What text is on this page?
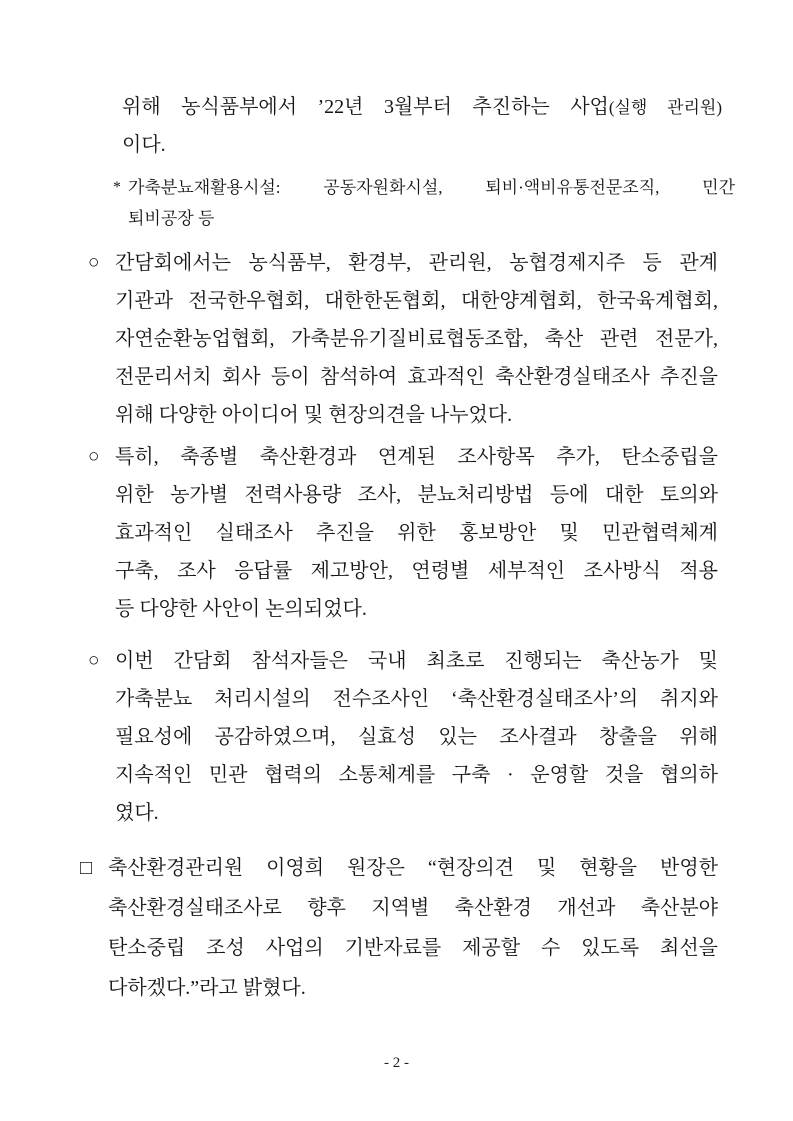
위해 농식품부에서 ’22년 3월부터 추진하는 사업(실행 관리원)
이다.
* 가축분뇨재활용시설: 공동자원화시설, 퇴비·액비유통전문조직, 민간
퇴비공장 등
○ 간담회에서는 농식품부, 환경부, 관리원, 농협경제지주 등 관계
기관과 전국한우협회, 대한한돈협회, 대한양계협회, 한국육계협회,
자연순환농업협회, 가축분유기질비료협동조합, 축산 관련 전문가,
전문리서치 회사 등이 참석하여 효과적인 축산환경실태조사 추진을
위해 다양한 아이디어 및 현장의견을 나누었다.
○ 특히, 축종별 축산환경과 연계된 조사항목 추가, 탄소중립을
위한 농가별 전력사용량 조사, 분뇨처리방법 등에 대한 토의와
효과적인 실태조사 추진을 위한 홍보방안 및 민관협력체계
구축, 조사 응답률 제고방안, 연령별 세부적인 조사방식 적용
등 다양한 사안이 논의되었다.
○ 이번 간담회 참석자들은 국내 최초로 진행되는 축산농가 및
가축분뇨 처리시설의 전수조사인 ‘축산환경실태조사’의 취지와
필요성에 공감하였으며, 실효성 있는 조사결과 창출을 위해
지속적인 민관 협력의 소통체계를 구축 · 운영할 것을 협의하
였다.
□ 축산환경관리원 이영희 원장은 “현장의견 및 현황을 반영한
축산환경실태조사로 향후 지역별 축산환경 개선과 축산분야
탄소중립 조성 사업의 기반자료를 제공할 수 있도록 최선을
다하겠다.”라고 밝혔다.
- 2 -
